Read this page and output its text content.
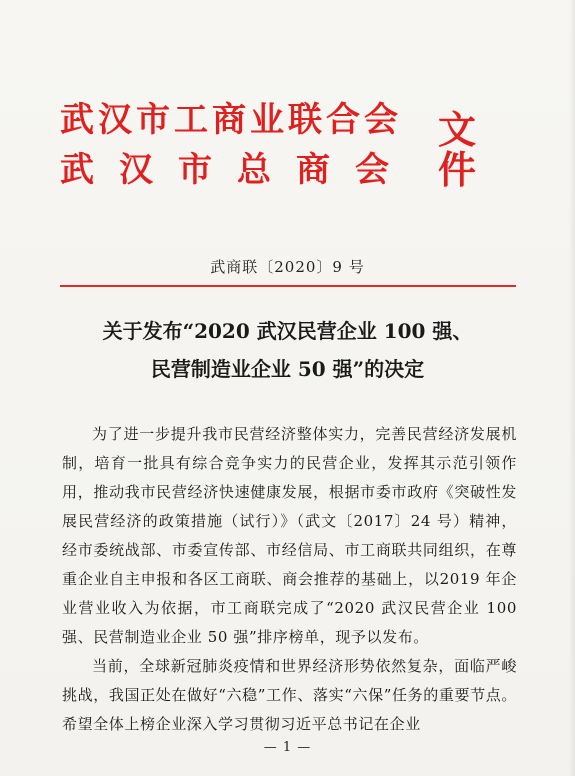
武汉市工商业联合会
武汉市总商会
文件
武商联〔2020〕9 号
关于发布“2020 武汉民营企业 100 强、
民营制造业企业 50 强”的决定

为了进一步提升我市民营经济整体实力，完善民营经济发展机制，培育一批具有综合竞争实力的民营企业，发挥其示范引领作用，推动我市民营经济快速健康发展，根据市委市政府《突破性发展民营经济的政策措施（试行）》（武文〔2017〕24 号）精神，经市委统战部、市委宣传部、市经信局、市工商联共同组织，在尊重企业自主申报和各区工商联、商会推荐的基础上，以2019 年企业营业收入为依据，市工商联完成了“2020 武汉民营企业 100 强、民营制造业企业 50 强”排序榜单，现予以发布。

当前，全球新冠肺炎疫情和世界经济形势依然复杂，面临严峻挑战，我国正处在做好“六稳”工作、落实“六保”任务的重要节点。希望全体上榜企业深入学习贯彻习近平总书记在企业

— 1 —
